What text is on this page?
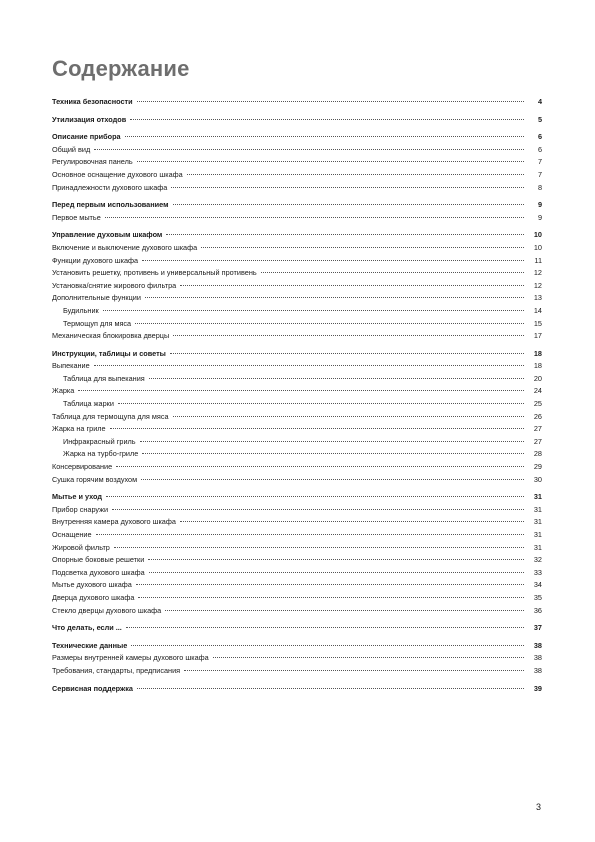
Содержание
Техника безопасности	4
Утилизация отходов	5
Описание прибора	6
Общий вид	6
Регулировочная панель	7
Основное оснащение духового шкафа	7
Принадлежности духового шкафа	8
Перед первым использованием	9
Первое мытье	9
Управление духовым шкафом	10
Включение и выключение духового шкафа	10
Функции духового шкафа	11
Установить решетку, противень и универсальный противень	12
Установка/снятие жирового фильтра	12
Дополнительные функции	13
Будильник	14
Термощуп для мяса	15
Механическая блокировка дверцы	17
Инструкции, таблицы и советы	18
Выпекание	18
Таблица для выпекания	20
Жарка	24
Таблица жарки	25
Таблица для термощупа для мяса	26
Жарка на гриле	27
Инфракрасный гриль	27
Жарка на турбо-гриле	28
Консервирование	29
Сушка горячим воздухом	30
Мытье и уход	31
Прибор снаружи	31
Внутренняя камера духового шкафа	31
Оснащение	31
Жировой фильтр	31
Опорные боковые решетки	32
Подсветка духового шкафа	33
Мытье духового шкафа	34
Дверца духового шкафа	35
Стекло дверцы духового шкафа	36
Что делать, если ...	37
Технические данные	38
Размеры внутренней камеры духового шкафа	38
Требования, стандарты, предписания	38
Сервисная поддержка	39
3
